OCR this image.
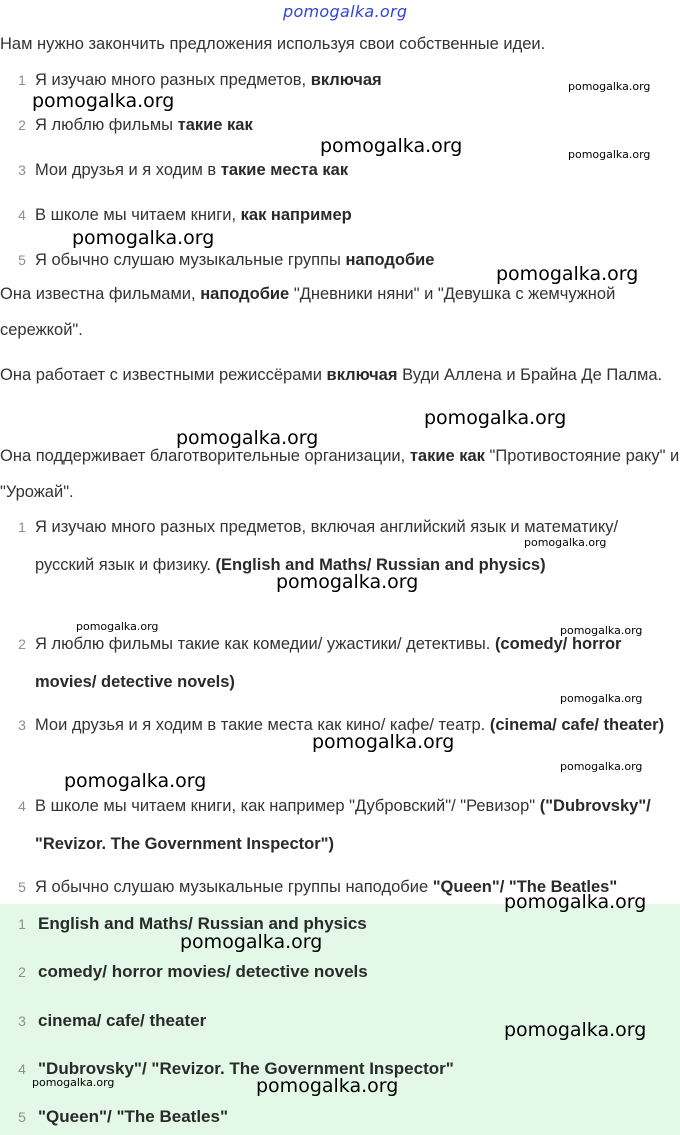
pomogalka.org

Нам нужно закончить предложения используя свои собственные идеи.

1 Я изучаю много разных предметов, включая
2 Я люблю фильмы такие как
3 Мои друзья и я ходим в такие места как
4 В школе мы читаем книги, как например
5 Я обычно слушаю музыкальные группы наподобие

Она известна фильмами, наподобие "Дневники няни" и "Девушка с жемчужной сережкой".

Она работает с известными режиссёрами включая Вуди Аллена и Брайна Де Палма.

Она поддерживает благотворительные организации, такие как "Противостояние раку" и "Урожай".

1 Я изучаю много разных предметов, включая английский язык и математику/ русский язык и физику. (English and Maths/ Russian and physics)
2 Я люблю фильмы такие как комедии/ ужастики/ детективы. (comedy/ horror movies/ detective novels)
3 Мои друзья и я ходим в такие места как кино/ кафе/ театр. (cinema/ cafe/ theater)
4 В школе мы читаем книги, как например "Дубровский"/ "Ревизор" ("Dubrovsky"/ "Revizor. The Government Inspector")
5 Я обычно слушаю музыкальные группы наподобие "Queen"/ "The Beatles"
1 English and Maths/ Russian and physics
2 comedy/ horror movies/ detective novels
3 cinema/ cafe/ theater
4 "Dubrovsky"/ "Revizor. The Government Inspector"
5 "Queen"/ "The Beatles"
pomogalka.org
pomogalka.org
pomogalka.org	pomogalka.org
pomogalka.org
pomogalka.org
pomogalka.org
pomogalka.org
pomogalka.org
pomogalka.org
pomogalka.org	pomogalka.org
pomogalka.org
pomogalka.org
pomogalka.org
pomogalka.org
pomogalka.org
pomogalka.org
pomogalka.org
pomogalka.org	pomogalka.org
